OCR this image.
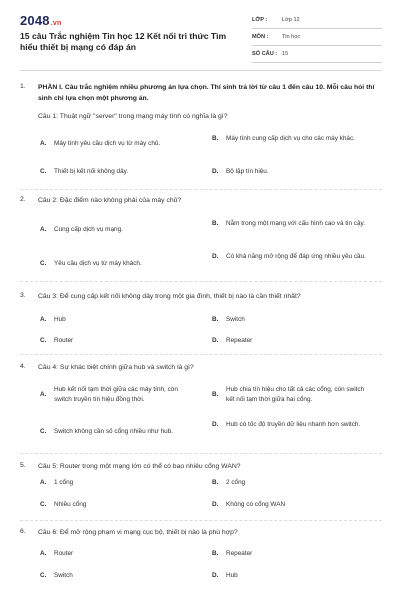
2048.vn
15 câu Trắc nghiệm Tin học 12 Kết nối tri thức Tìm hiểu thiết bị mạng có đáp án
LỚP :	Lớp 12
MÔN :	Tin học
SỐ CÂU : 15
1. PHẦN I. Câu trắc nghiệm nhiều phương án lựa chọn. Thí sinh trả lời từ câu 1 đến câu 10. Mỗi câu hỏi thí sinh chỉ lựa chọn một phương án.
Câu 1: Thuật ngữ "server" trong mạng máy tính có nghĩa là gì?
A.	Máy tính yêu cầu dịch vụ từ máy chủ.
B.	Máy tính cung cấp dịch vụ cho các máy khác.
C.	Thiết bị kết nối không dây.	D.	Bộ lặp tín hiệu.
2. Câu 2: Đặc điểm nào không phải của máy chủ?
A.	Cung cấp dịch vụ mạng.
B.	Nằm trong một mạng với cấu hình cao và tin cậy.
C.	Yêu cầu dịch vụ từ máy khách.
D.	Có khả năng mở rộng để đáp ứng nhiều yêu cầu.
3. Câu 3: Để cung cấp kết nối không dây trong một gia đình, thiết bị nào là cần thiết nhất?
A.	Hub	B.	Switch
C.	Router	D.	Repeater
4. Câu 4: Sự khác biệt chính giữa hub và switch là gì?
A.
Hub kết nối tạm thời giữa các máy tính, còn switch truyền tín hiệu đồng thời.
B.
Hub chia tín hiệu cho tất cả các cổng, còn switch kết nối tạm thời giữa hai cổng.
C.	Switch không cần số cổng nhiều như hub.
D.	Hub có tốc độ truyền dữ liệu nhanh hơn switch.
5. Câu 5: Router trong một mạng lớn có thể có bao nhiêu cổng WAN?
A.	1 cổng	B.	2 cổng
C.	Nhiều cổng	D.	Không có cổng WAN
6. Câu 6: Để mở rộng phạm vi mạng cục bộ, thiết bị nào là phù hợp?
A.	Router	B.	Repeater
C.	Switch	D.	Hub
